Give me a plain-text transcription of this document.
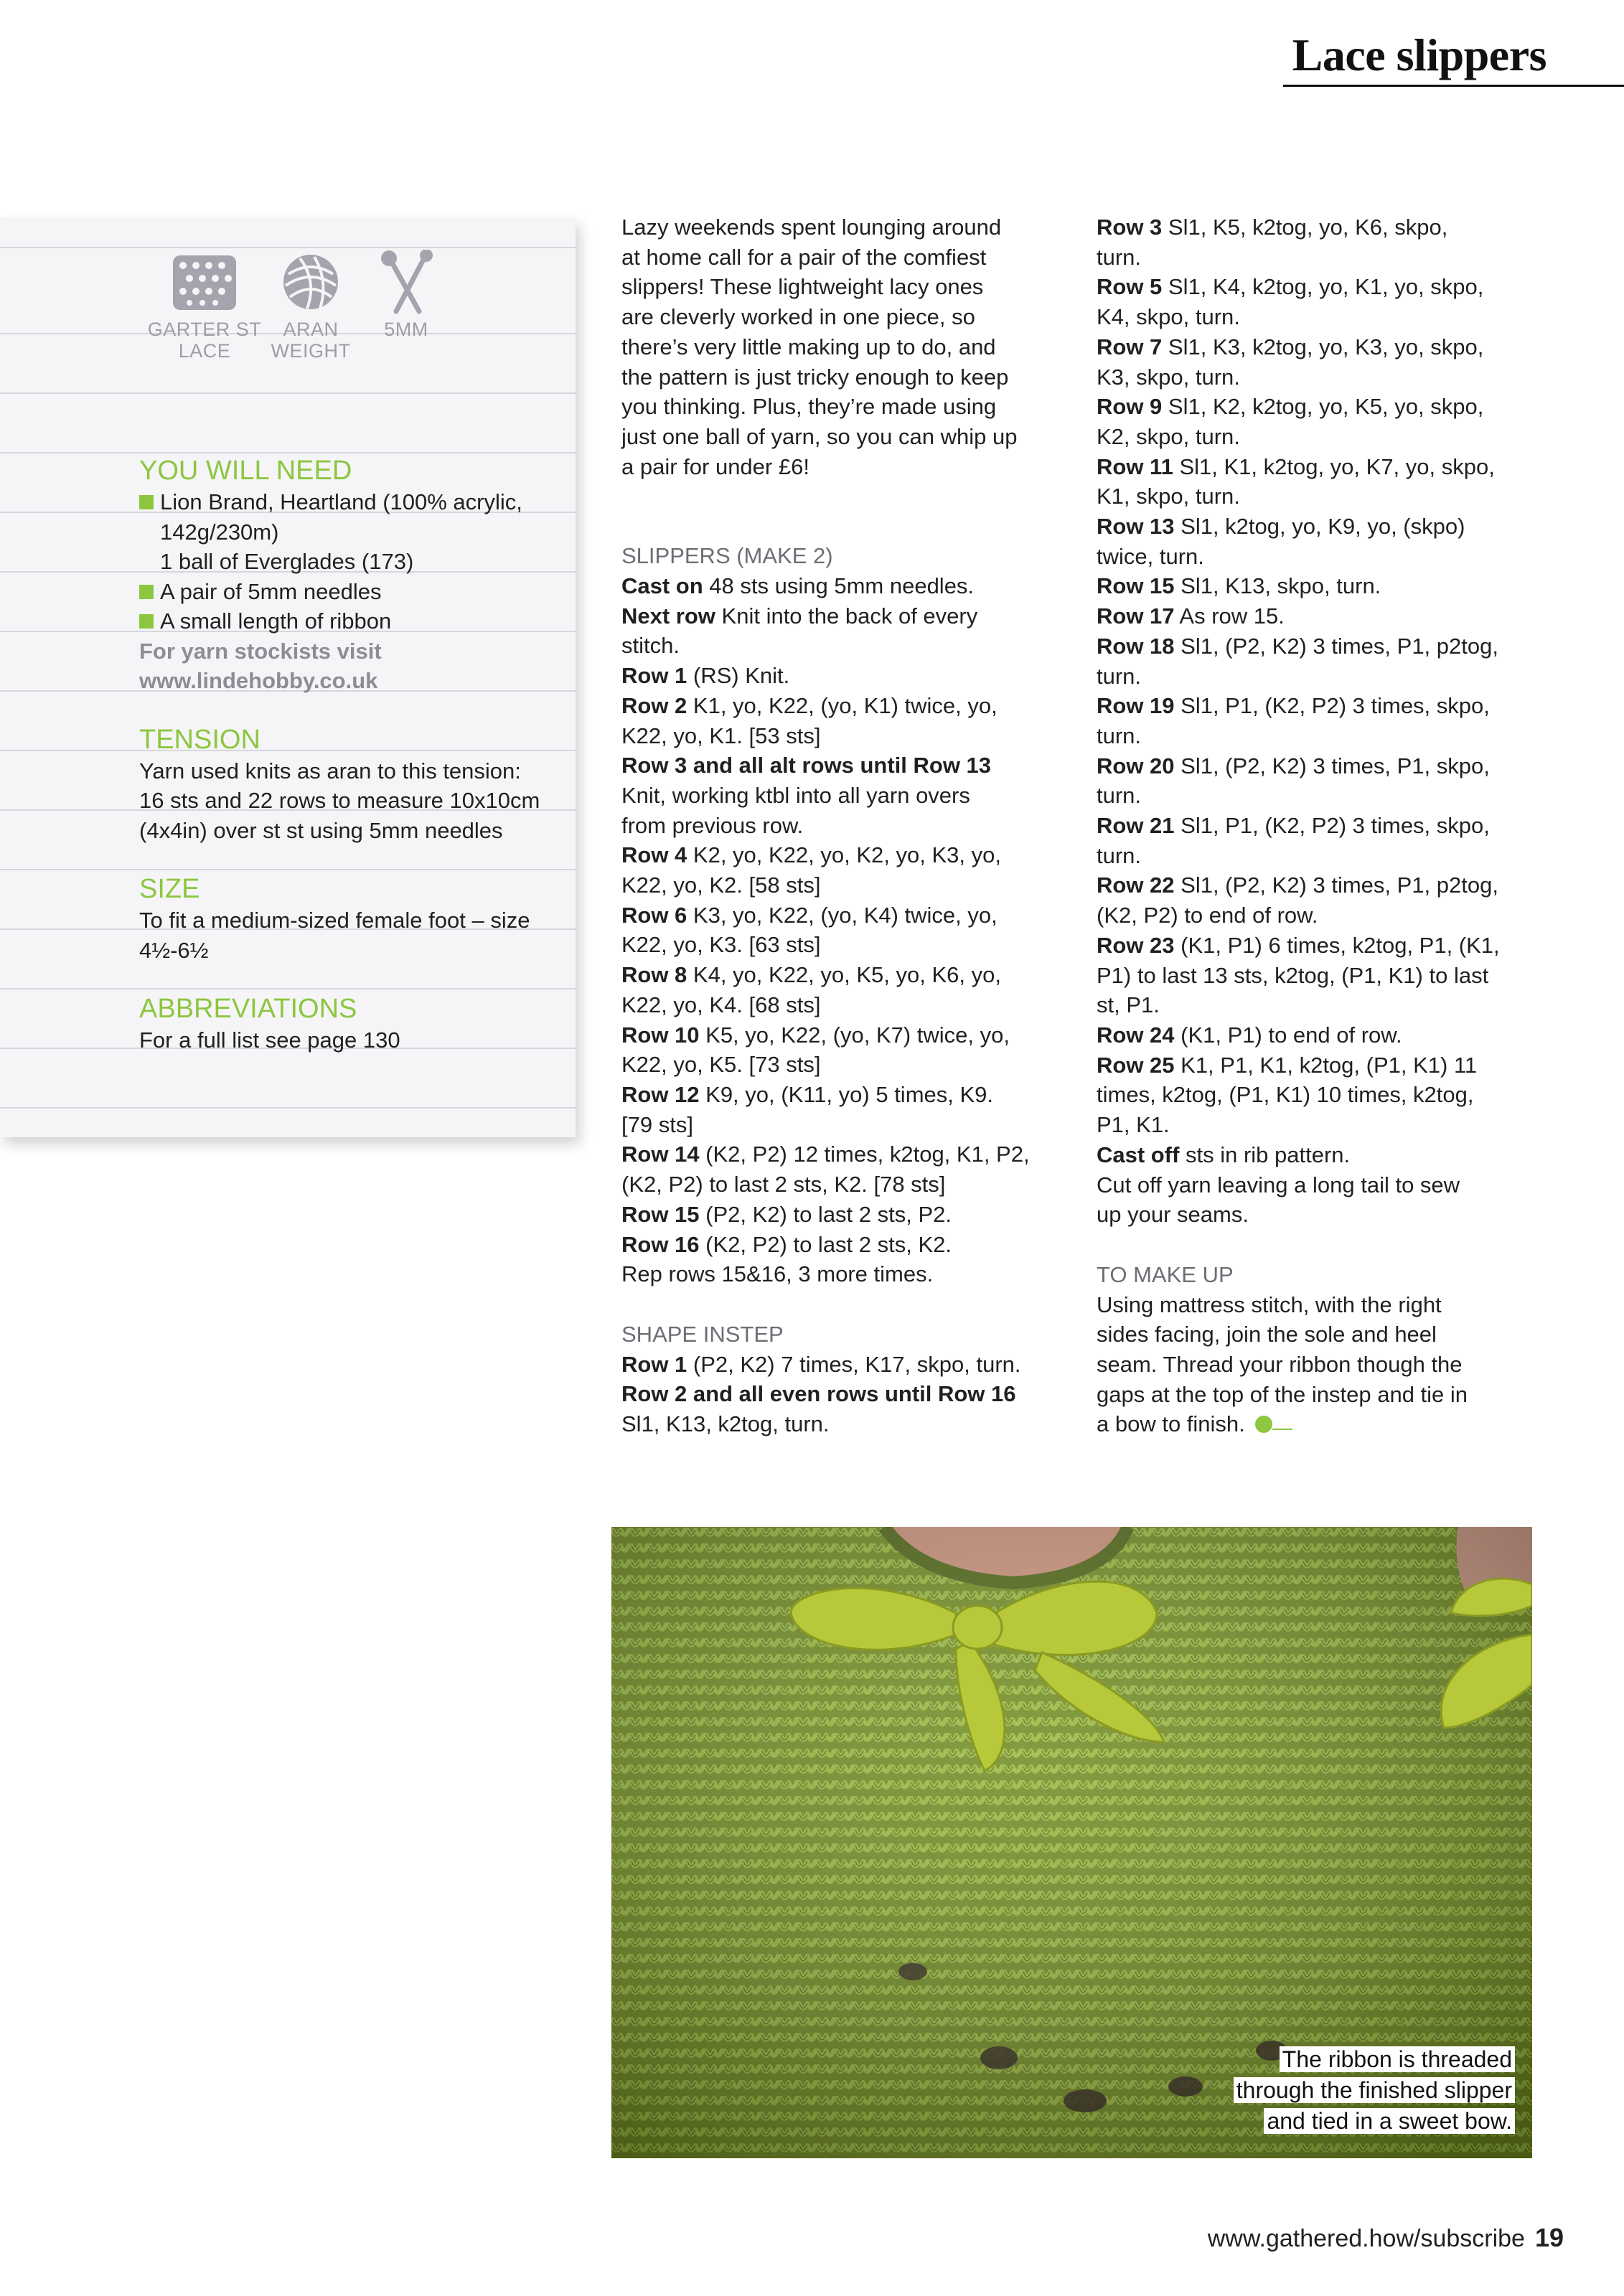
Lace slippers
GARTER ST
LACE
ARAN
WEIGHT
5MM
YOU WILL NEED

Lion Brand, Heartland (100% acrylic,

142g/230m)

1 ball of Everglades (173)

A pair of 5mm needles

A small length of ribbon

For yarn stockists visit

www.lindehobby.co.uk

TENSION

Yarn used knits as aran to this tension:

16 sts and 22 rows to measure 10x10cm

(4x4in) over st st using 5mm needles

SIZE

To fit a medium-sized female foot – size

4½-6½

ABBREVIATIONS

For a full list see page 130

Lazy weekends spent lounging around

at home call for a pair of the comfiest

slippers! These lightweight lacy ones

are cleverly worked in one piece, so

there’s very little making up to do, and

the pattern is just tricky enough to keep

you thinking. Plus, they’re made using

just one ball of yarn, so you can whip up

a pair for under £6!

SLIPPERS (MAKE 2)

Cast on 48 sts using 5mm needles.

Next row Knit into the back of every

stitch.

Row 1 (RS) Knit.

Row 2 K1, yo, K22, (yo, K1) twice, yo,

K22, yo, K1. [53 sts]

Row 3 and all alt rows until Row 13

Knit, working ktbl into all yarn overs

from previous row.

Row 4 K2, yo, K22, yo, K2, yo, K3, yo,

K22, yo, K2. [58 sts]

Row 6 K3, yo, K22, (yo, K4) twice, yo,

K22, yo, K3. [63 sts]

Row 8 K4, yo, K22, yo, K5, yo, K6, yo,

K22, yo, K4. [68 sts]

Row 10 K5, yo, K22, (yo, K7) twice, yo,

K22, yo, K5. [73 sts]

Row 12 K9, yo, (K11, yo) 5 times, K9.

[79 sts]

Row 14 (K2, P2) 12 times, k2tog, K1, P2,

(K2, P2) to last 2 sts, K2. [78 sts]

Row 15 (P2, K2) to last 2 sts, P2.

Row 16 (K2, P2) to last 2 sts, K2.

Rep rows 15&16, 3 more times.

SHAPE INSTEP

Row 1 (P2, K2) 7 times, K17, skpo, turn.

Row 2 and all even rows until Row 16

Sl1, K13, k2tog, turn.

Row 3 Sl1, K5, k2tog, yo, K6, skpo,

turn.

Row 5 Sl1, K4, k2tog, yo, K1, yo, skpo,

K4, skpo, turn.

Row 7 Sl1, K3, k2tog, yo, K3, yo, skpo,

K3, skpo, turn.

Row 9 Sl1, K2, k2tog, yo, K5, yo, skpo,

K2, skpo, turn.

Row 11 Sl1, K1, k2tog, yo, K7, yo, skpo,

K1, skpo, turn.

Row 13 Sl1, k2tog, yo, K9, yo, (skpo)

twice, turn.

Row 15 Sl1, K13, skpo, turn.

Row 17 As row 15.

Row 18 Sl1, (P2, K2) 3 times, P1, p2tog,

turn.

Row 19 Sl1, P1, (K2, P2) 3 times, skpo,

turn.

Row 20 Sl1, (P2, K2) 3 times, P1, skpo,

turn.

Row 21 Sl1, P1, (K2, P2) 3 times, skpo,

turn.

Row 22 Sl1, (P2, K2) 3 times, P1, p2tog,

(K2, P2) to end of row.

Row 23 (K1, P1) 6 times, k2tog, P1, (K1,

P1) to last 13 sts, k2tog, (P1, K1) to last

st, P1.

Row 24 (K1, P1) to end of row.

Row 25 K1, P1, K1, k2tog, (P1, K1) 11

times, k2tog, (P1, K1) 10 times, k2tog,

P1, K1.

Cast off sts in rib pattern.

Cut off yarn leaving a long tail to sew

up your seams.

TO MAKE UP

Using mattress stitch, with the right

sides facing, join the sole and heel

seam. Thread your ribbon though the

gaps at the top of the instep and tie in

a bow to finish.

The ribbon is threaded
through the finished slipper
and tied in a sweet bow.
www.gathered.how/subscribe 19
